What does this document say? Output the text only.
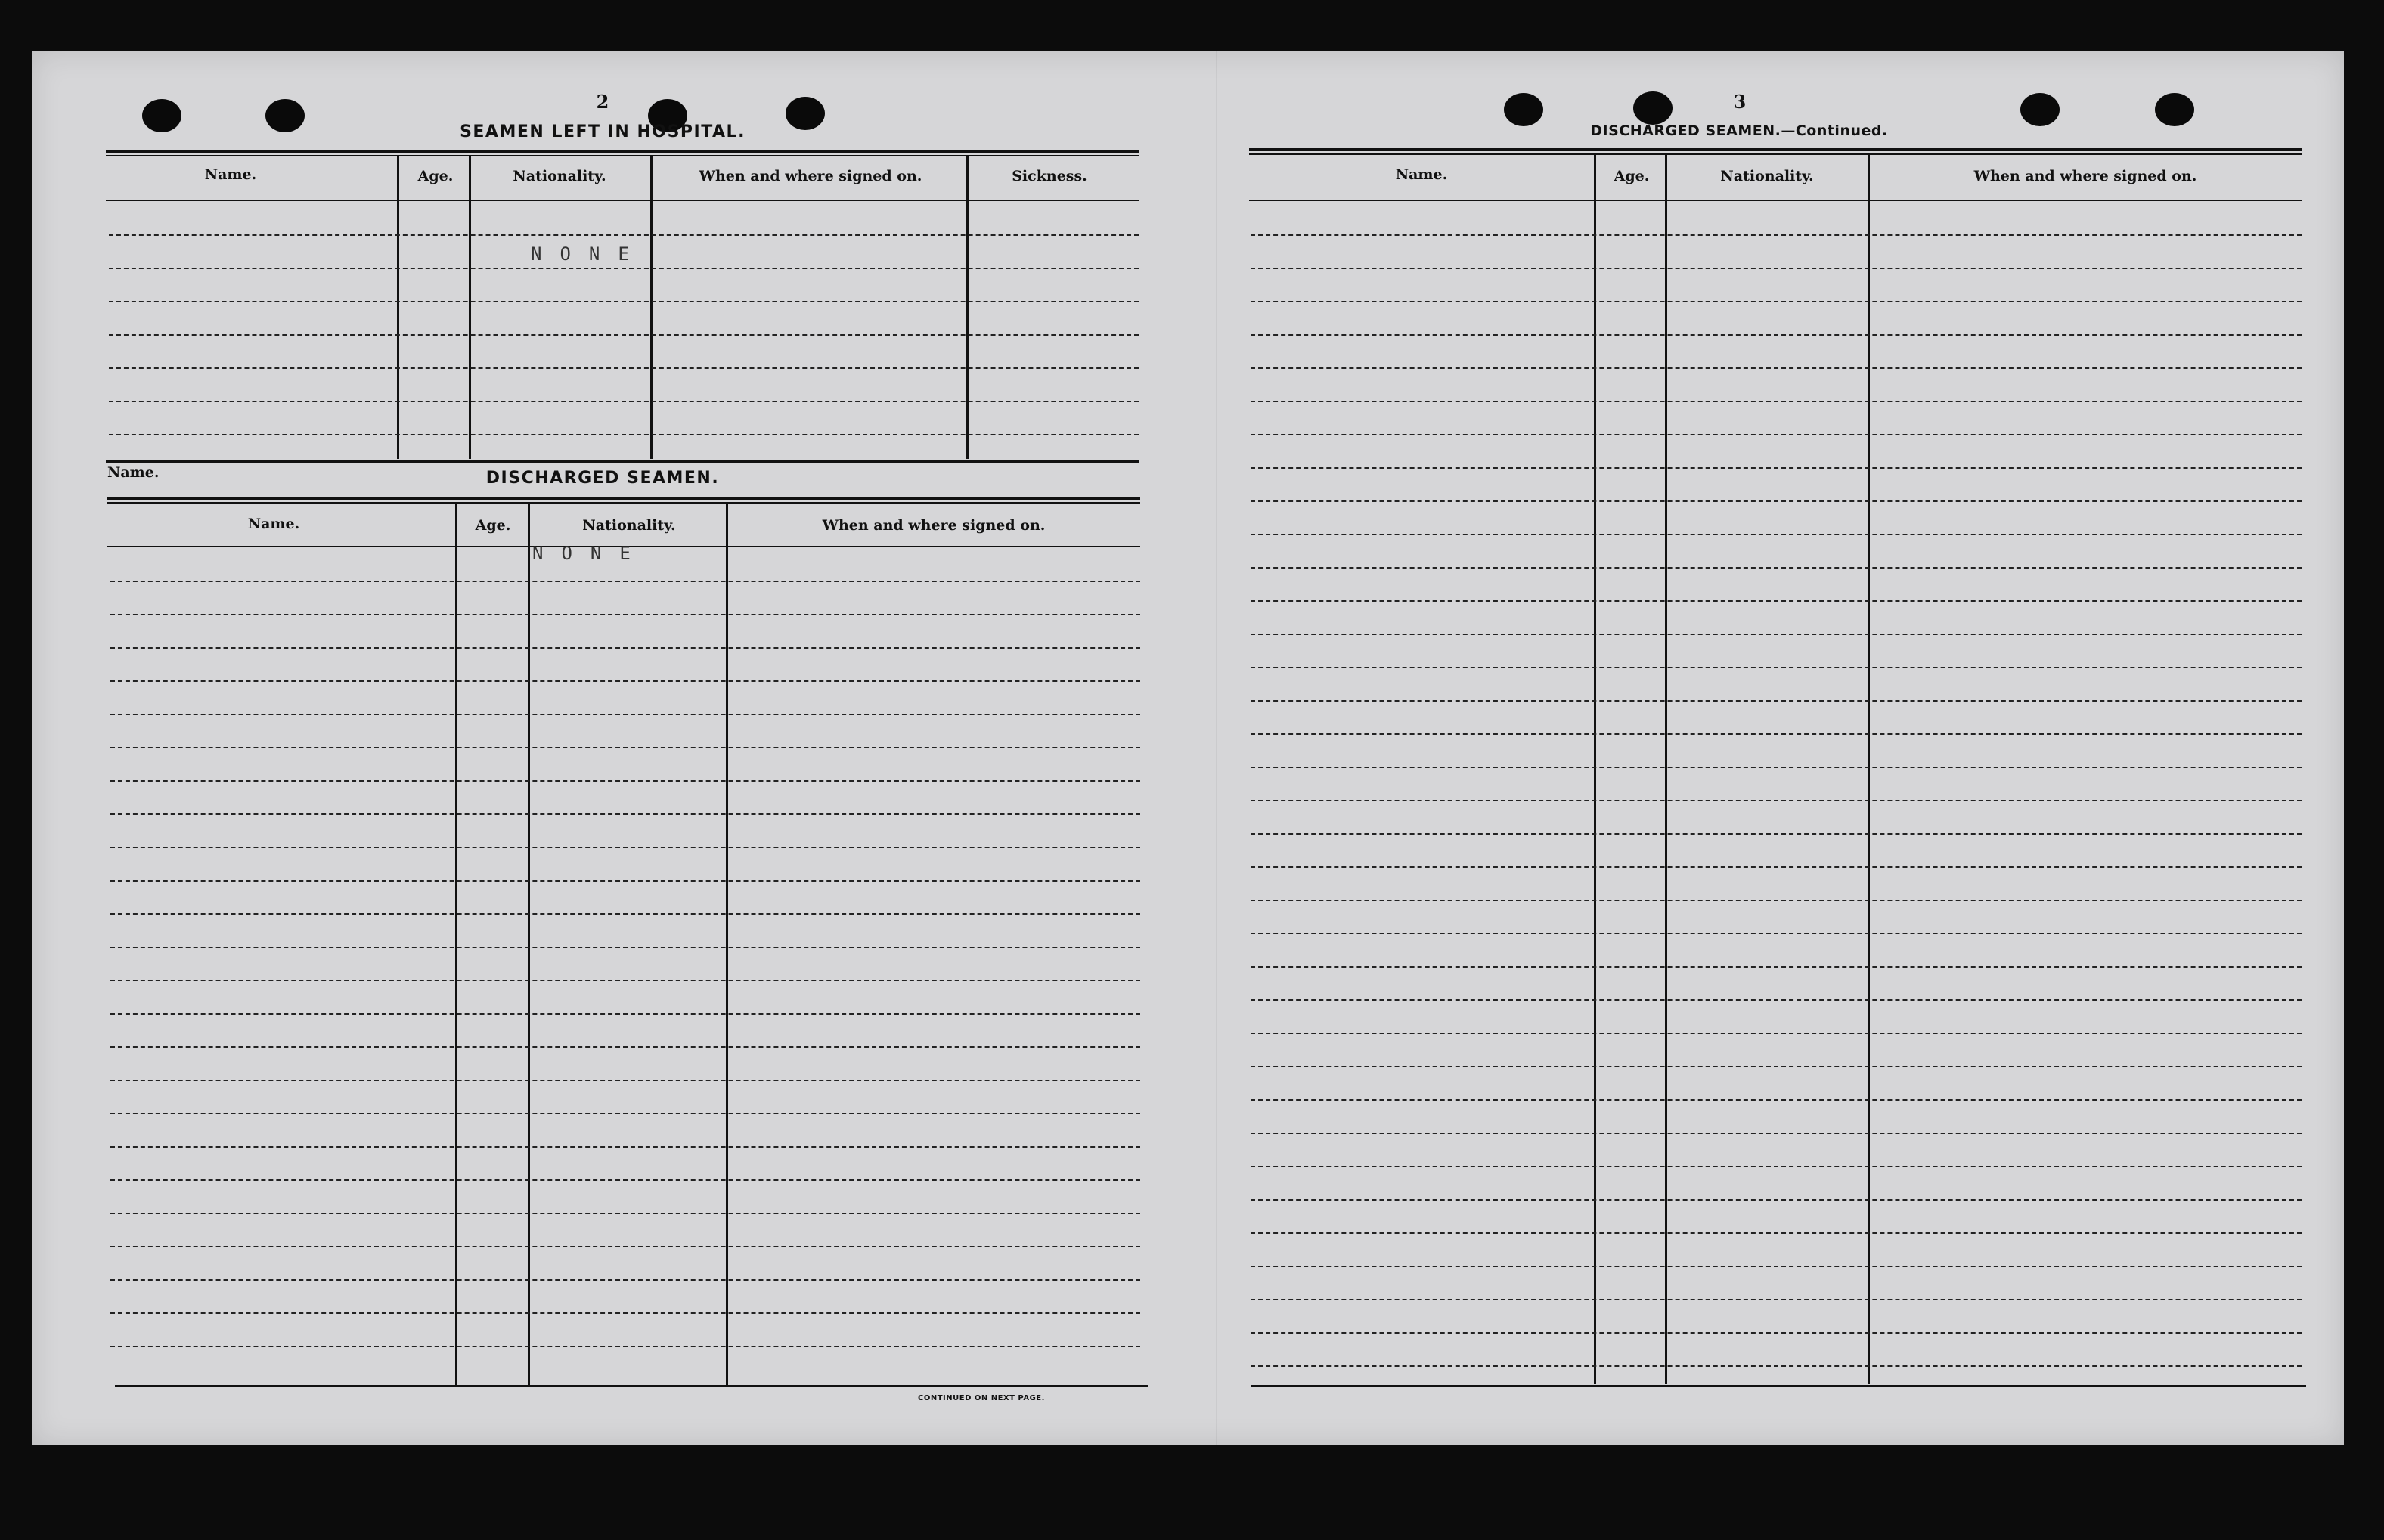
2
SEAMEN LEFT IN HOSPITAL.
Name.	Age.	Nationality.	When and where signed on.	Sickness.
NONE
DISCHARGED SEAMEN.
Name.
Name.	Age.	Nationality.	When and where signed on.
NONE
CONTINUED ON NEXT PAGE.
3
DISCHARGED SEAMEN.—Continued.
Name.	Age.	Nationality.	When and where signed on.
